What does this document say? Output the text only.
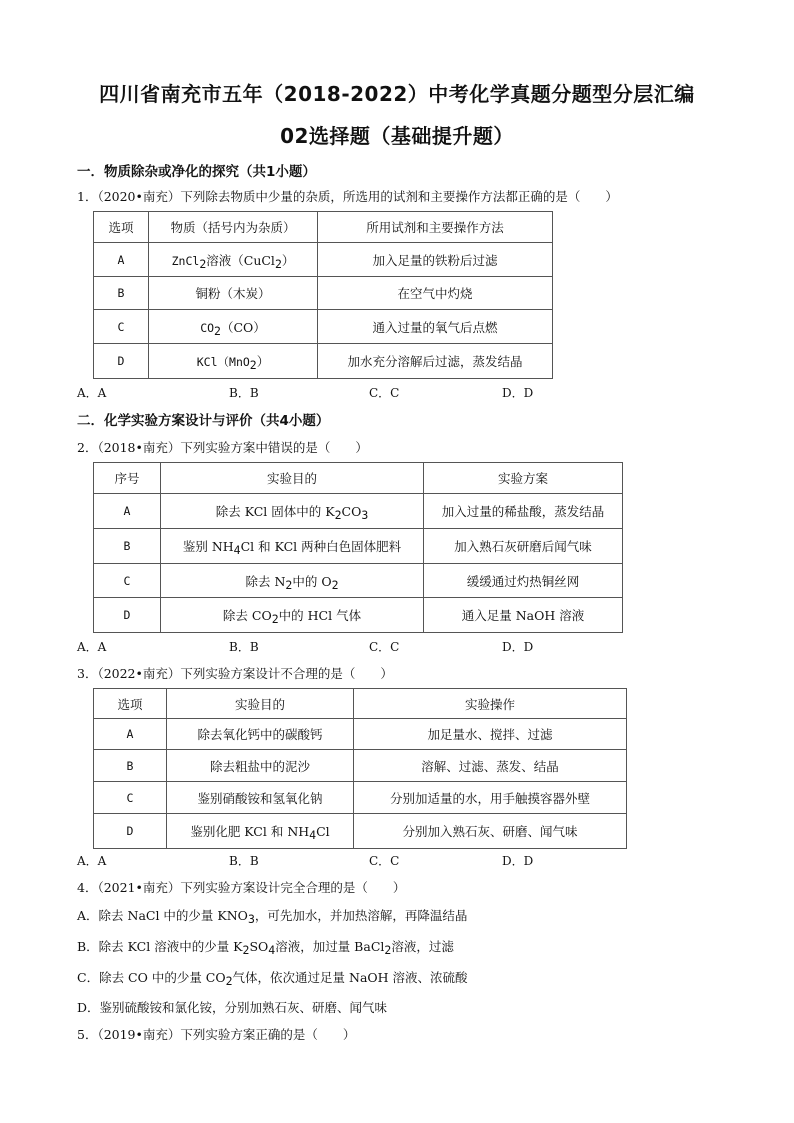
四川省南充市五年（2018-2022）中考化学真题分题型分层汇编
02选择题（基础提升题）
一．物质除杂或净化的探究（共1小题）
1．（2020•南充）下列除去物质中少量的杂质，所选用的试剂和主要操作方法都正确的是（　　）
选项	物质（括号内为杂质）	所用试剂和主要操作方法
A	ZnCl$_2$溶液（CuCl$_2$）	加入足量的铁粉后过滤
B	铜粉（木炭）	在空气中灼烧
C	$CO_2(CO)$	通入过量的氧气后点燃
D	KCl（MnO$_2$）	加水充分溶解后过滤，蒸发结晶
A．A	B．B	C．C	D．D
二．化学实验方案设计与评价（共4小题）
2．（2018•南充）下列实验方案中错误的是（　　）
序号	实验目的	实验方案
A	除去 KCl 固体中的 $K_2CO_3$	加入过量的稀盐酸，蒸发结晶
B	鉴别 $NH_4Cl$ 和 KCl 两种白色固体肥料	加入熟石灰研磨后闻气味
C	除去 $N_2$中的 $O_2$	缓缓通过灼热铜丝网
D	除去 $CO_2$中的 HCl 气体	通入足量 NaOH 溶液
A．A	B．B	C．C	D．D
3．（2022•南充）下列实验方案设计不合理的是（　　）
选项	实验目的	实验操作
A	除去氧化钙中的碳酸钙	加足量水、搅拌、过滤
B	除去粗盐中的泥沙	溶解、过滤、蒸发、结晶
C	鉴别硝酸铵和氢氧化钠	分别加适量的水，用手触摸容器外壁
D	鉴别化肥 KCl 和 $NH_4Cl$	分别加入熟石灰、研磨、闻气味
A．A	B．B	C．C	D．D
4．（2021•南充）下列实验方案设计完全合理的是（　　）
A．除去 NaCl 中的少量 $KNO_3$，可先加水，并加热溶解，再降温结晶
B．除去 KCl 溶液中的少量 $K_2SO_4$溶液，加过量 BaCl$_2$溶液，过滤
C．除去 CO 中的少量 $CO_2$气体，依次通过足量 NaOH 溶液、浓硫酸
D．鉴别硫酸铵和氯化铵，分别加熟石灰、研磨、闻气味
5．（2019•南充）下列实验方案正确的是（　　）
